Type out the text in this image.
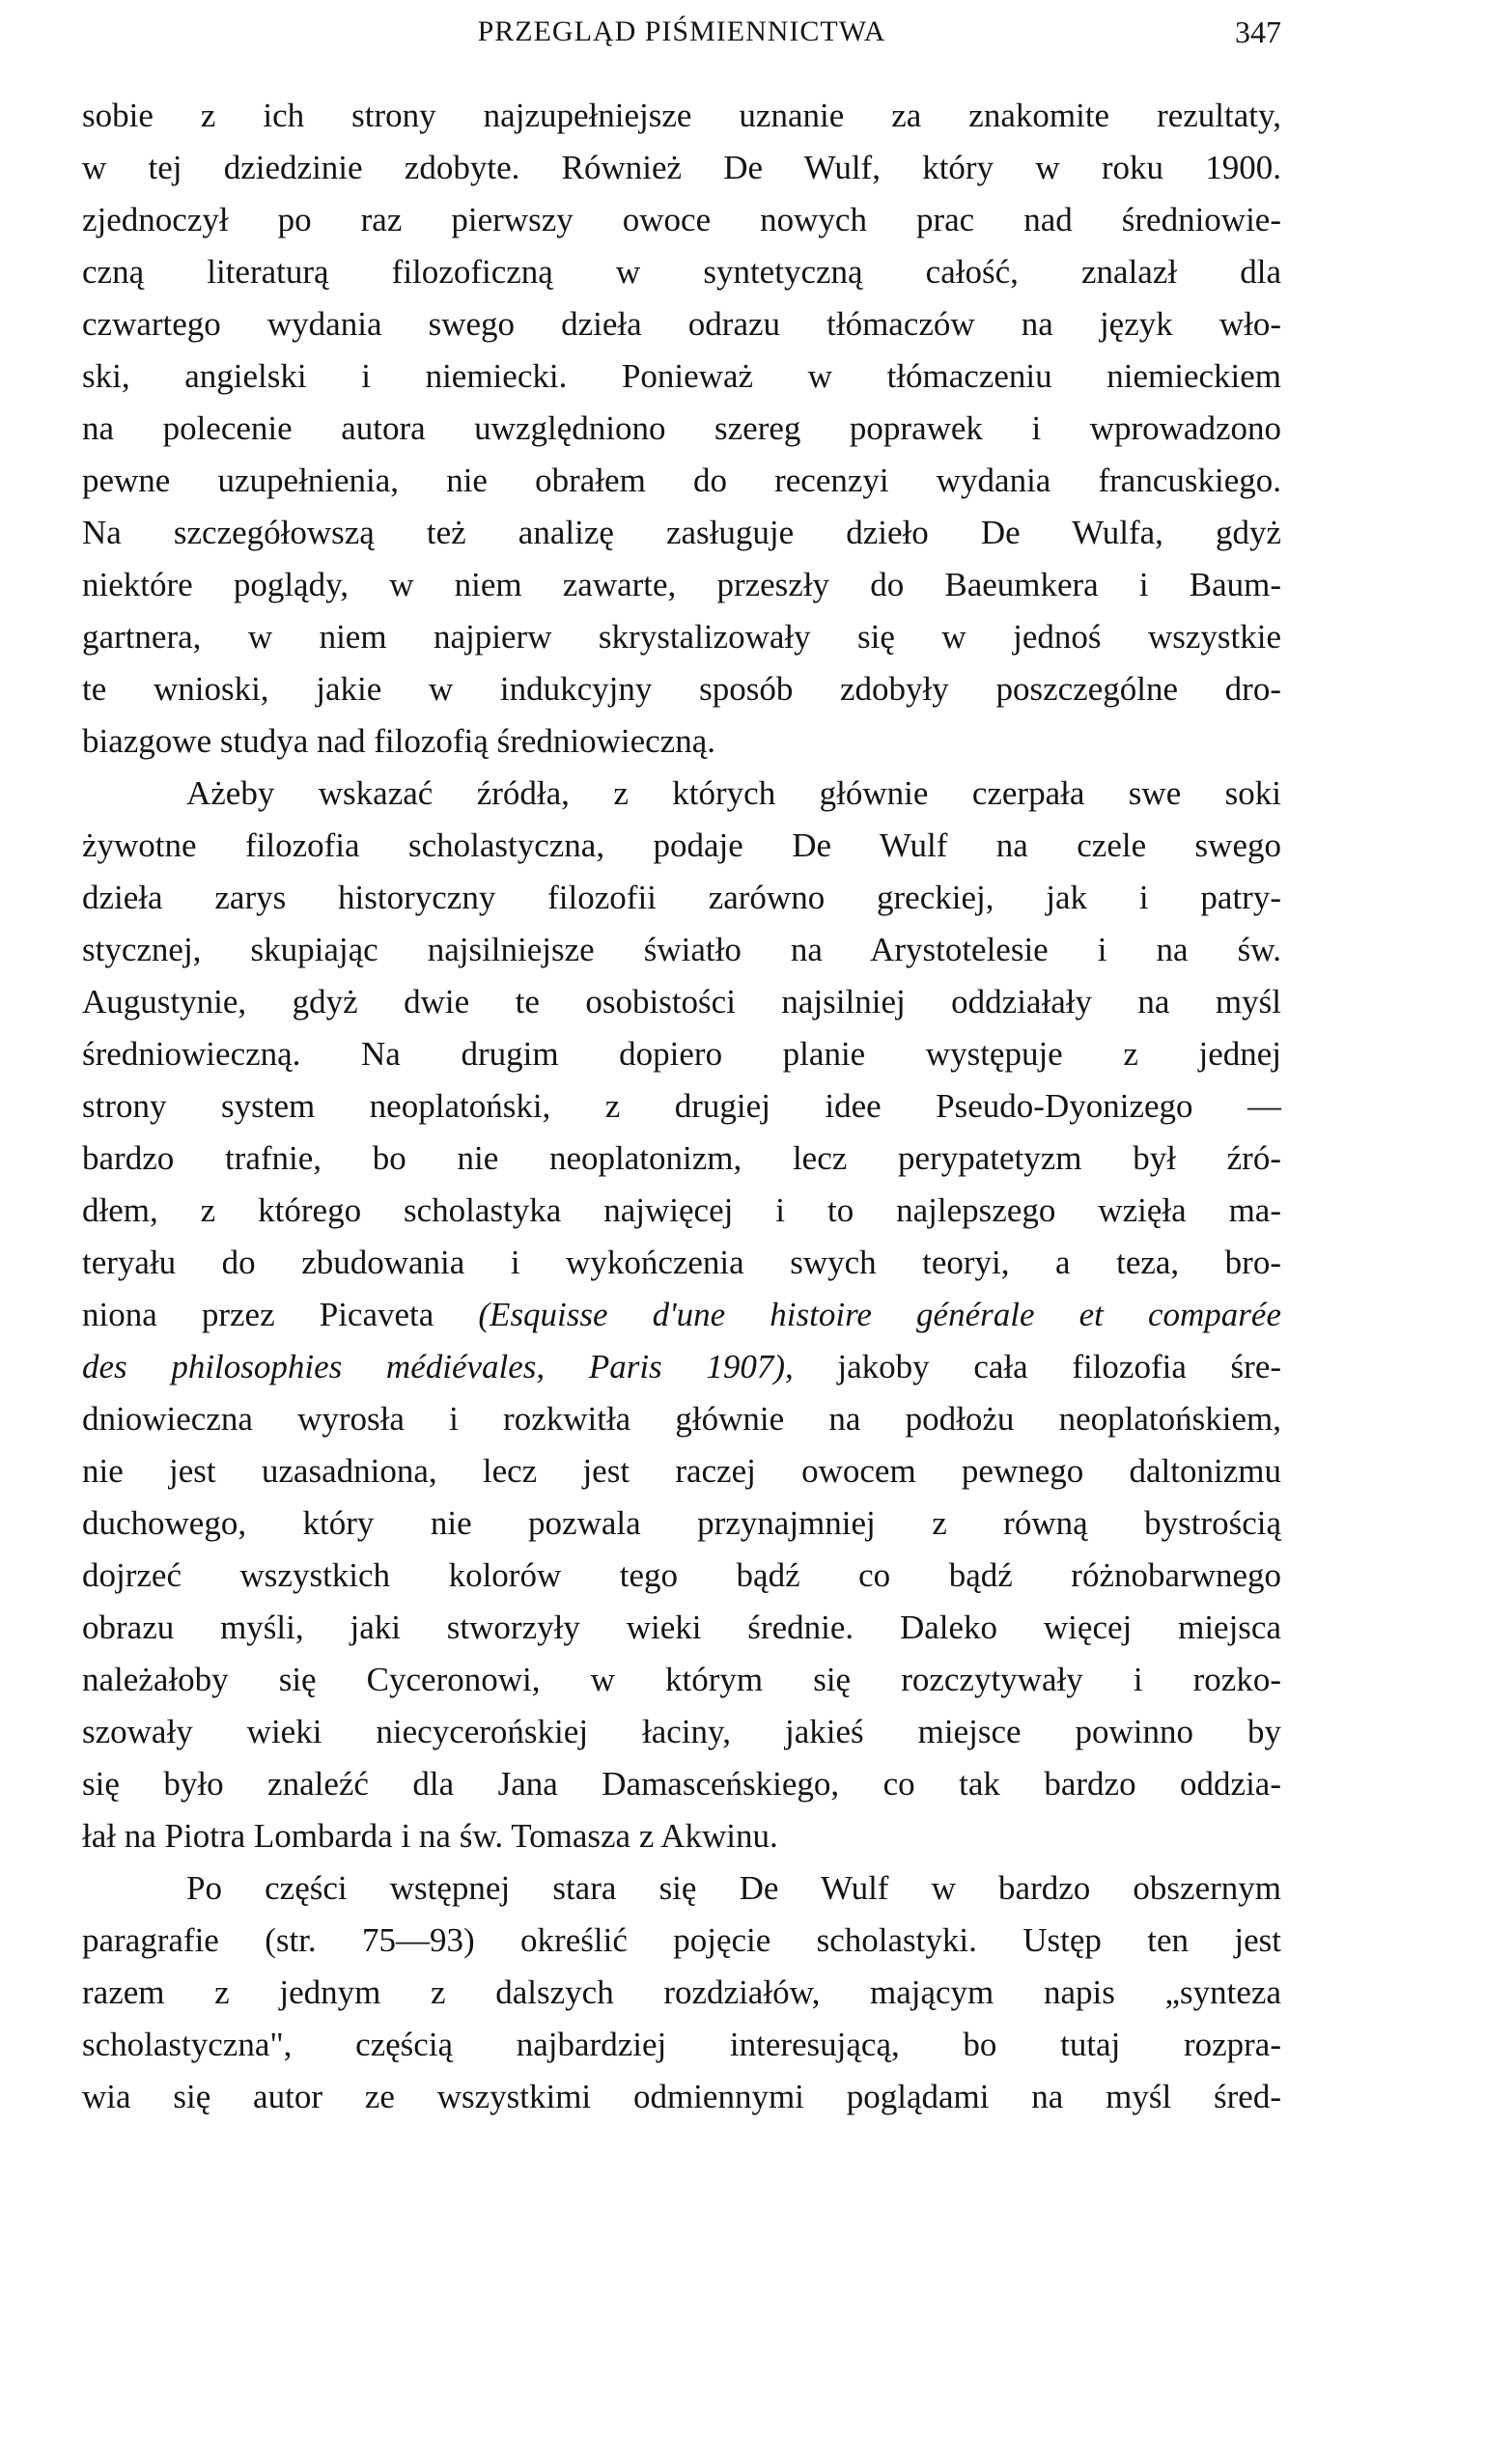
PRZEGLĄD PIŚMIENNICTWA	347
sobie z ich strony najzupełniejsze uznanie za znakomite rezultaty,
w tej dziedzinie zdobyte. Również De Wulf, który w roku 1900.
zjednoczył po raz pierwszy owoce nowych prac nad średniowie-
czną literaturą filozoficzną w syntetyczną całość, znalazł dla
czwartego wydania swego dzieła odrazu tłómaczów na język wło-
ski, angielski i niemiecki. Ponieważ w tłómaczeniu niemieckiem
na polecenie autora uwzględniono szereg poprawek i wprowadzono
pewne uzupełnienia, nie obrałem do recenzyi wydania francuskiego.
Na szczegółowszą też analizę zasługuje dzieło De Wulfa, gdyż
niektóre poglądy, w niem zawarte, przeszły do Baeumkera i Baum-
gartnera, w niem najpierw skrystalizowały się w jednoś wszystkie
te wnioski, jakie w indukcyjny sposób zdobyły poszczególne dro-
biazgowe studya nad filozofią średniowieczną.
Ażeby wskazać źródła, z których głównie czerpała swe soki
żywotne filozofia scholastyczna, podaje De Wulf na czele swego
dzieła zarys historyczny filozofii zarówno greckiej, jak i patry-
stycznej, skupiając najsilniejsze światło na Arystotelesie i na św.
Augustynie, gdyż dwie te osobistości najsilniej oddziałały na myśl
średniowieczną. Na drugim dopiero planie występuje z jednej
strony system neoplatoński, z drugiej idee Pseudo-Dyonizego —
bardzo trafnie, bo nie neoplatonizm, lecz perypatetyzm był źró-
dłem, z którego scholastyka najwięcej i to najlepszego wzięła ma-
teryału do zbudowania i wykończenia swych teoryi, a teza, bro-
niona przez Picaveta (Esquisse d'une histoire générale et comparée
des philosophies médiévales, Paris 1907), jakoby cała filozofia śre-
dniowieczna wyrosła i rozkwitła głównie na podłożu neoplatońskiem,
nie jest uzasadniona, lecz jest raczej owocem pewnego daltonizmu
duchowego, który nie pozwala przynajmniej z równą bystrością
dojrzeć wszystkich kolorów tego bądź co bądź różnobarwnego
obrazu myśli, jaki stworzyły wieki średnie. Daleko więcej miejsca
należałoby się Cyceronowi, w którym się rozczytywały i rozko-
szowały wieki niecycerońskiej łaciny, jakieś miejsce powinno by
się było znaleźć dla Jana Damasceńskiego, co tak bardzo oddzia-
łał na Piotra Lombarda i na św. Tomasza z Akwinu.
Po części wstępnej stara się De Wulf w bardzo obszernym
paragrafie (str. 75—93) określić pojęcie scholastyki. Ustęp ten jest
razem z jednym z dalszych rozdziałów, mającym napis „synteza
scholastyczna", częścią najbardziej interesującą, bo tutaj rozpra-
wia się autor ze wszystkimi odmiennymi poglądami na myśl śred-
